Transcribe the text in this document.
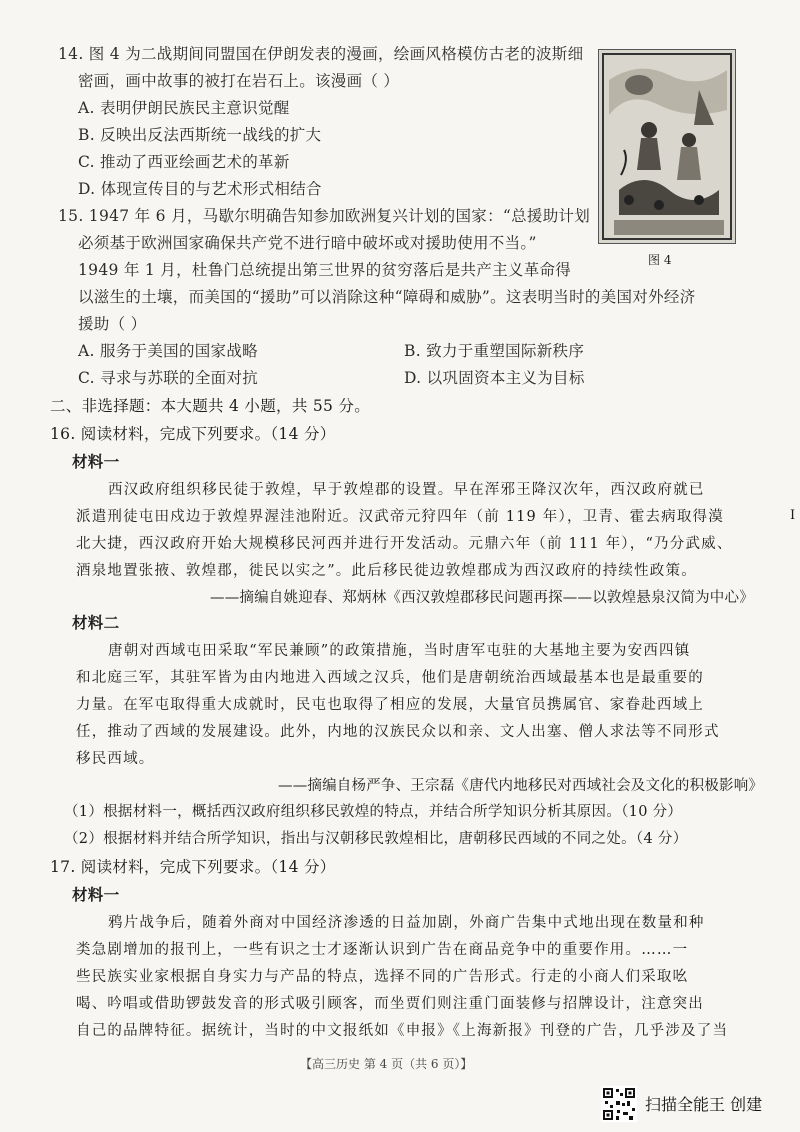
14. 图 4 为二战期间同盟国在伊朗发表的漫画，绘画风格模仿古老的波斯细
密画，画中故事的被打在岩石上。该漫画（ ）
A. 表明伊朗民族民主意识觉醒
B. 反映出反法西斯统一战线的扩大
C. 推动了西亚绘画艺术的革新
D. 体现宣传目的与艺术形式相结合
图 4
15. 1947 年 6 月，马歇尔明确告知参加欧洲复兴计划的国家：“总援助计划
必须基于欧洲国家确保共产党不进行暗中破坏或对援助使用不当。”
1949 年 1 月，杜鲁门总统提出第三世界的贫穷落后是共产主义革命得
以滋生的土壤，而美国的“援助”可以消除这种“障碍和威胁”。这表明当时的美国对外经济
援助（ ）
A. 服务于美国的国家战略	B. 致力于重塑国际新秩序
C. 寻求与苏联的全面对抗	D. 以巩固资本主义为目标
二、非选择题：本大题共 4 小题，共 55 分。
16. 阅读材料，完成下列要求。（14 分）
材料一
西汉政府组织移民徒于敦煌，早于敦煌郡的设置。早在浑邪王降汉次年，西汉政府就已
派遣刑徒屯田戍边于敦煌界渥洼池附近。汉武帝元狩四年（前 119 年），卫青、霍去病取得漠
北大捷，西汉政府开始大规模移民河西并进行开发活动。元鼎六年（前 111 年），“乃分武威、
酒泉地置张掖、敦煌郡，徙民以实之”。此后移民徙边敦煌郡成为西汉政府的持续性政策。
——摘编自姚迎春、郑炳林《西汉敦煌郡移民问题再探——以敦煌悬泉汉简为中心》
材料二
唐朝对西域屯田采取“军民兼顾”的政策措施，当时唐军屯驻的大基地主要为安西四镇
和北庭三军，其驻军皆为由内地进入西域之汉兵，他们是唐朝统治西域最基本也是最重要的
力量。在军屯取得重大成就时，民屯也取得了相应的发展，大量官员携属官、家眷赴西域上
任，推动了西域的发展建设。此外，内地的汉族民众以和亲、文人出塞、僧人求法等不同形式
移民西域。
——摘编自杨严争、王宗磊《唐代内地移民对西域社会及文化的积极影响》
（1）根据材料一，概括西汉政府组织移民敦煌的特点，并结合所学知识分析其原因。（10 分）
（2）根据材料并结合所学知识，指出与汉朝移民敦煌相比，唐朝移民西域的不同之处。（4 分）
17. 阅读材料，完成下列要求。（14 分）
材料一
鸦片战争后，随着外商对中国经济渗透的日益加剧，外商广告集中式地出现在数量和种
类急剧增加的报刊上，一些有识之士才逐渐认识到广告在商品竞争中的重要作用。……一
些民族实业家根据自身实力与产品的特点，选择不同的广告形式。行走的小商人们采取吆
喝、吟唱或借助锣鼓发音的形式吸引顾客，而坐贾们则注重门面装修与招牌设计，注意突出
自己的品牌特征。据统计，当时的中文报纸如《申报》《上海新报》刊登的广告，几乎涉及了当
【高三历史 第 4 页（共 6 页）】
I
扫描全能王 创建
